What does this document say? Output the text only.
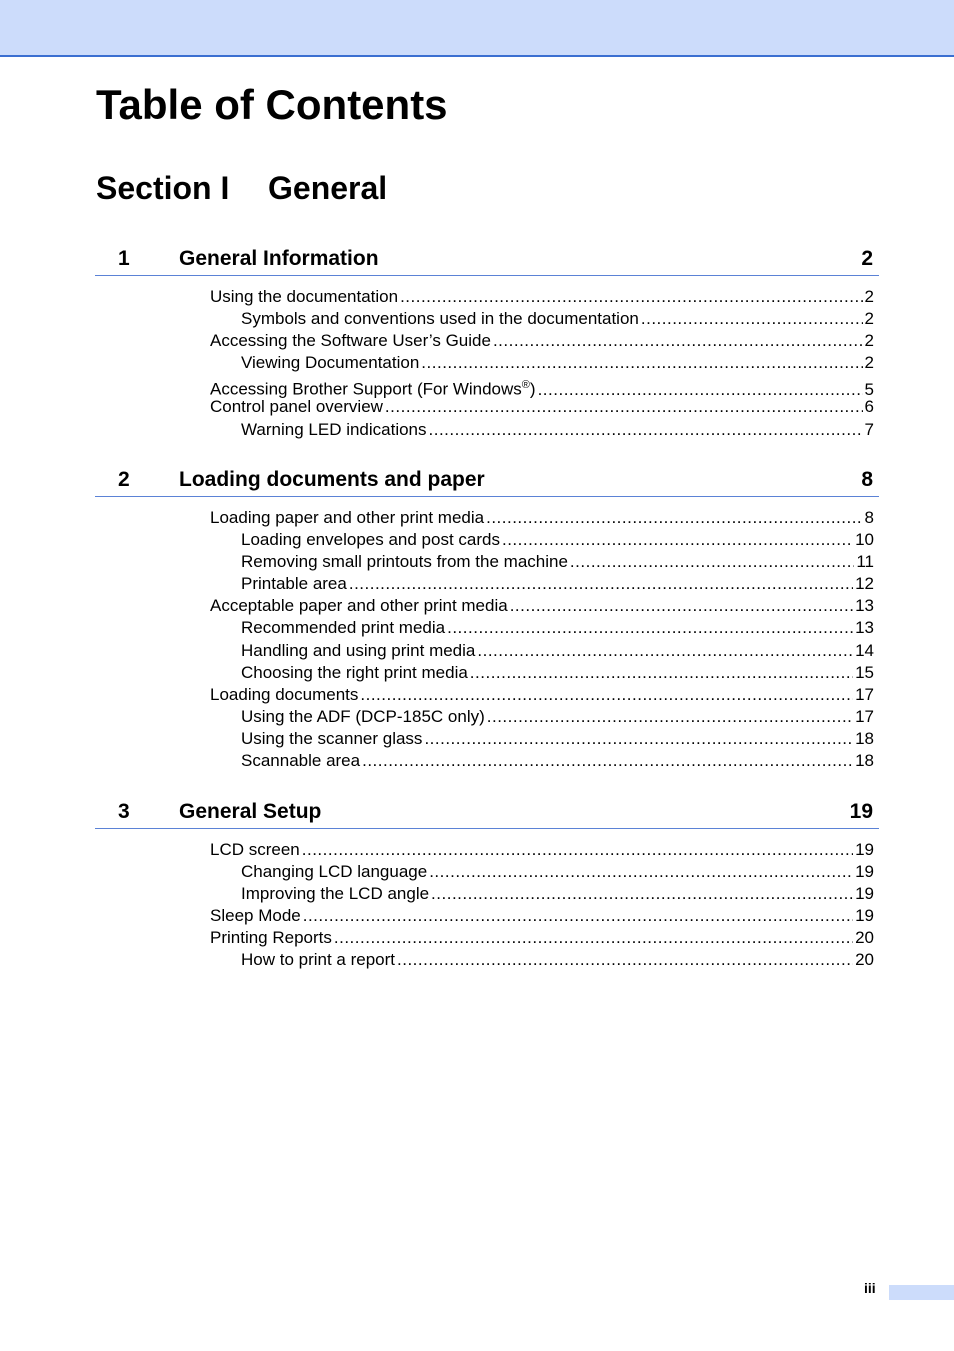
Table of Contents
Section I General
1 General Information	2
Using the documentation .....	2
Symbols and conventions used in the documentation .....	2
Accessing the Software User’s Guide .....	2
Viewing Documentation .....	2
Accessing Brother Support (For Windows®) .....	5
Control panel overview .....	6
Warning LED indications .....	7
2 Loading documents and paper	8
Loading paper and other print media .....	8
Loading envelopes and post cards .....	10
Removing small printouts from the machine .....	11
Printable area .....	12
Acceptable paper and other print media .....	13
Recommended print media .....	13
Handling and using print media .....	14
Choosing the right print media .....	15
Loading documents .....	17
Using the ADF (DCP-185C only) .....	17
Using the scanner glass .....	18
Scannable area .....	18
3 General Setup	19
LCD screen .....	19
Changing LCD language .....	19
Improving the LCD angle .....	19
Sleep Mode .....	19
Printing Reports .....	20
How to print a report .....	20
iii
